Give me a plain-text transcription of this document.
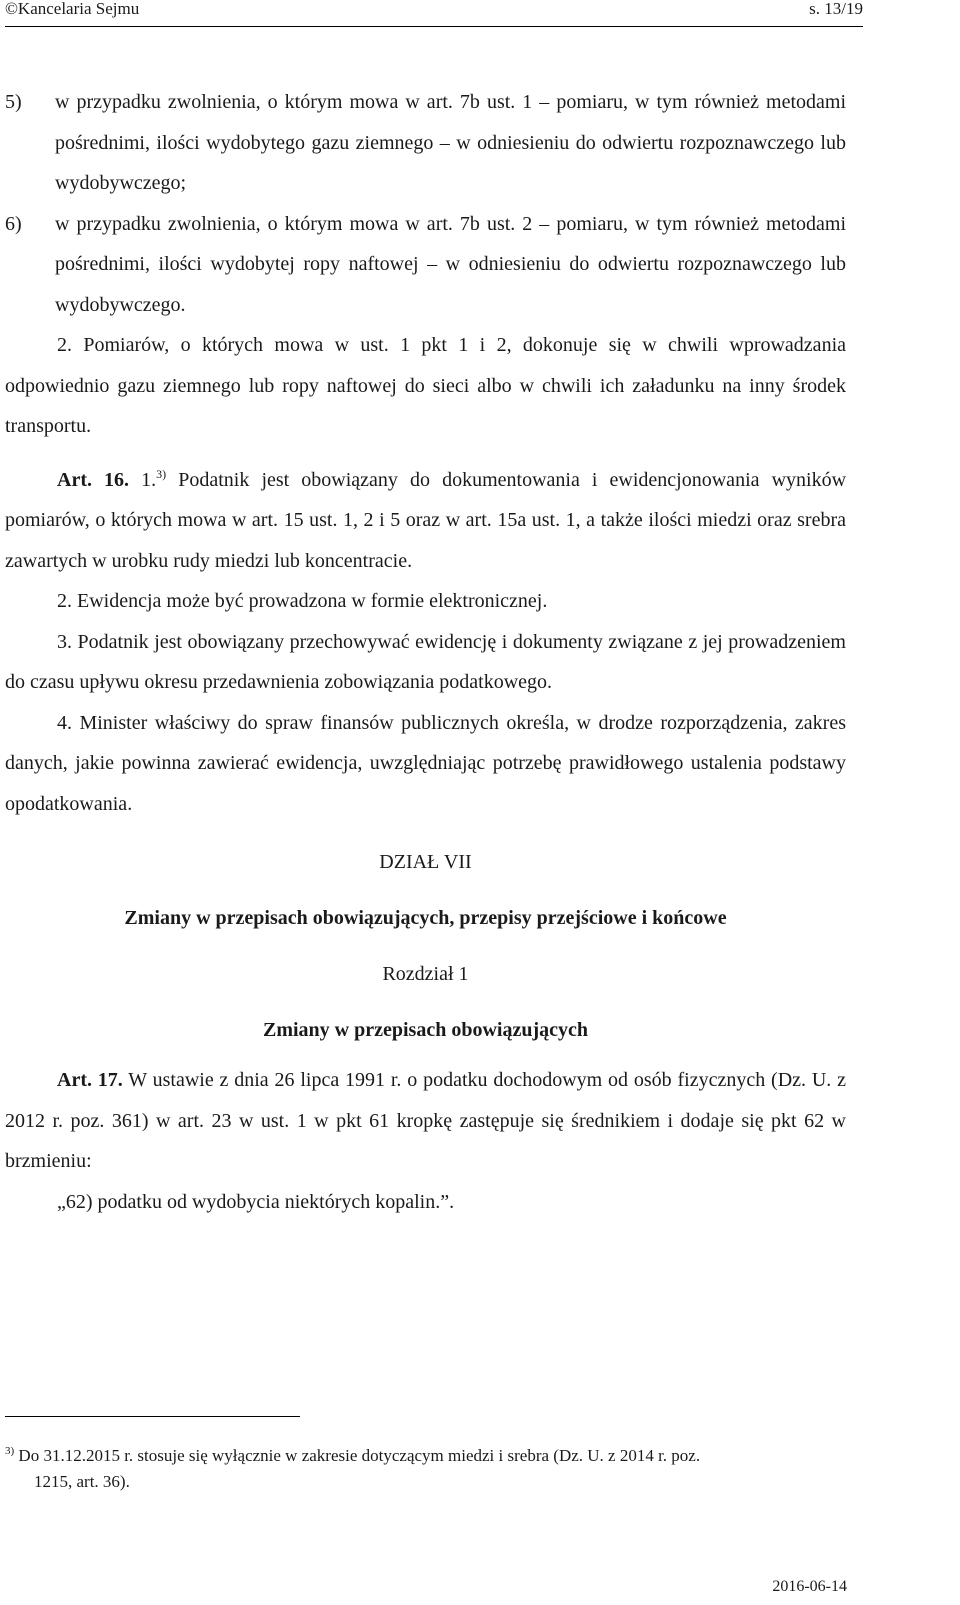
©Kancelaria Sejmu	s. 13/19

5) w przypadku zwolnienia, o którym mowa w art. 7b ust. 1 – pomiaru, w tym również metodami pośrednimi, ilości wydobytego gazu ziemnego – w odniesieniu do odwiertu rozpoznawczego lub wydobywczego;

6) w przypadku zwolnienia, o którym mowa w art. 7b ust. 2 – pomiaru, w tym również metodami pośrednimi, ilości wydobytej ropy naftowej – w odniesieniu do odwiertu rozpoznawczego lub wydobywczego.

2. Pomiarów, o których mowa w ust. 1 pkt 1 i 2, dokonuje się w chwili wprowadzania odpowiednio gazu ziemnego lub ropy naftowej do sieci albo w chwili ich załadunku na inny środek transportu.

Art. 16. 1.$^{3)}$ Podatnik jest obowiązany do dokumentowania i ewidencjonowania wyników pomiarów, o których mowa w art. 15 ust. 1, 2 i 5 oraz w art. 15a ust. 1, a także ilości miedzi oraz srebra zawartych w urobku rudy miedzi lub koncentracie.

2. Ewidencja może być prowadzona w formie elektronicznej.

3. Podatnik jest obowiązany przechowywać ewidencję i dokumenty związane z jej prowadzeniem do czasu upływu okresu przedawnienia zobowiązania podatkowego.

4. Minister właściwy do spraw finansów publicznych określa, w drodze rozporządzenia, zakres danych, jakie powinna zawierać ewidencja, uwzględniając potrzebę prawidłowego ustalenia podstawy opodatkowania.

DZIAŁ VII

Zmiany w przepisach obowiązujących, przepisy przejściowe i końcowe

Rozdział 1

Zmiany w przepisach obowiązujących

Art. 17. W ustawie z dnia 26 lipca 1991 r. o podatku dochodowym od osób fizycznych (Dz. U. z 2012 r. poz. 361) w art. 23 w ust. 1 w pkt 61 kropkę zastępuje się średnikiem i dodaje się pkt 62 w brzmieniu:

„62) podatku od wydobycia niektórych kopalin.”.

$^{3)}$ Do 31.12.2015 r. stosuje się wyłącznie w zakresie dotyczącym miedzi i srebra (Dz. U. z 2014 r. poz.
1215, art. 36).
2016-06-14
